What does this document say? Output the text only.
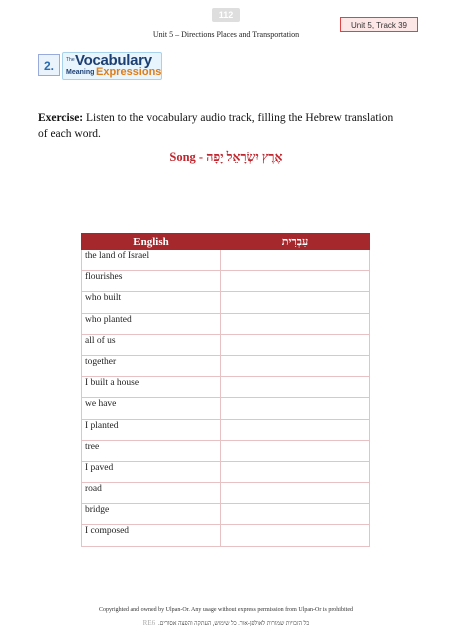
112
Unit 5 – Directions Places and Transportation
Unit 5, Track 39
2.	The Vocabulary
Meaning Expressions
Exercise: Listen to the vocabulary audio track, filling the Hebrew translation of each word.
Song - אֶרֶץ יִשְׂרָאֵל יָפָה
English	עִבְרִית
the land of Israel	
flourishes	
who built	
who planted	
all of us	
together	
I built a house	
we have	
I planted	
tree	
I paved	
road	
bridge	
I composed	
Copyrighted and owned by Ulpan-Or. Any usage without express permission from Ulpan-Or is prohibited
RE6 כל הזכויות שמורות לאולפן-אור. כל שימוש, העתקה והפצה אסורים.
